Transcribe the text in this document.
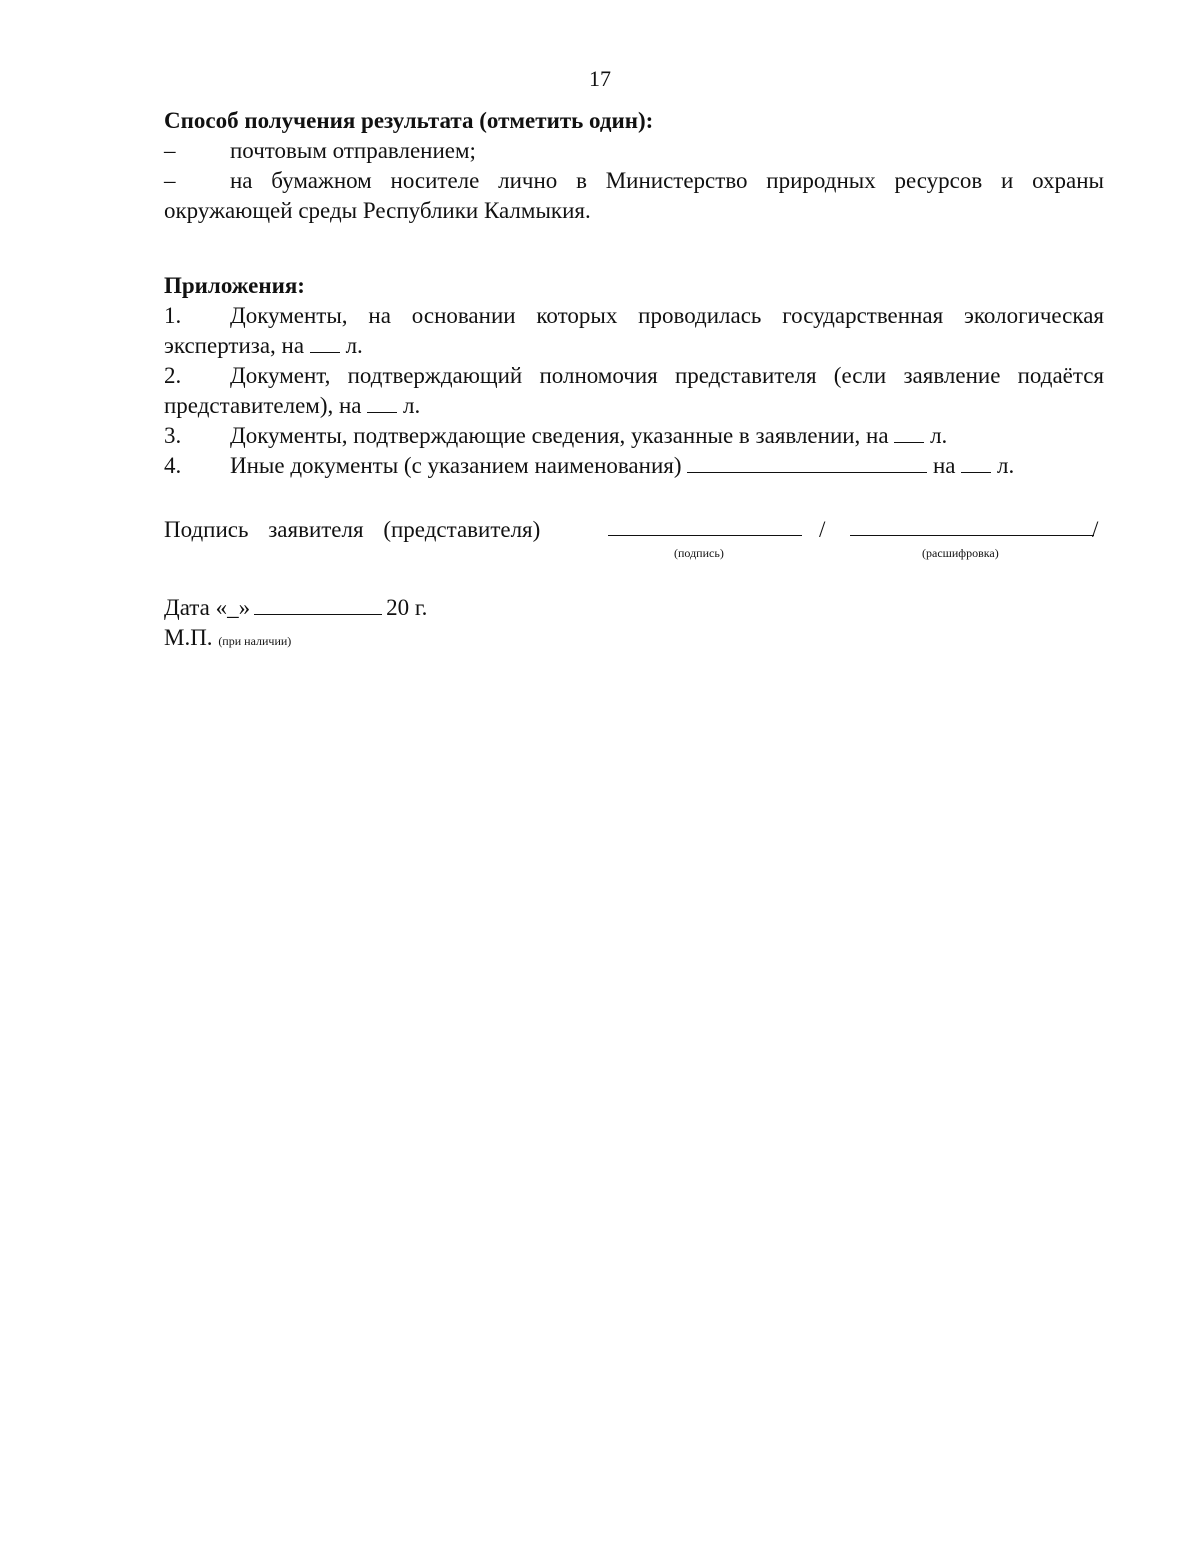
17

Способ получения результата (отметить один):

– почтовым отправлением;

– на бумажном носителе лично в Министерство природных ресурсов и охраны окружающей среды Республики Калмыкия.

Приложения:

1. Документы, на основании которых проводилась государственная экологическая экспертиза, на л.

2. Документ, подтверждающий полномочия представителя (если заявление подаётся представителем), на л.

3. Документы, подтверждающие сведения, указанные в заявлении, на л.

4. Иные документы (с указанием наименования)	на л.

Подпись заявителя (представителя)	/	/
(подпись)	(расшифровка)
Дата «_»	20 г.
М.П. (при наличии)
